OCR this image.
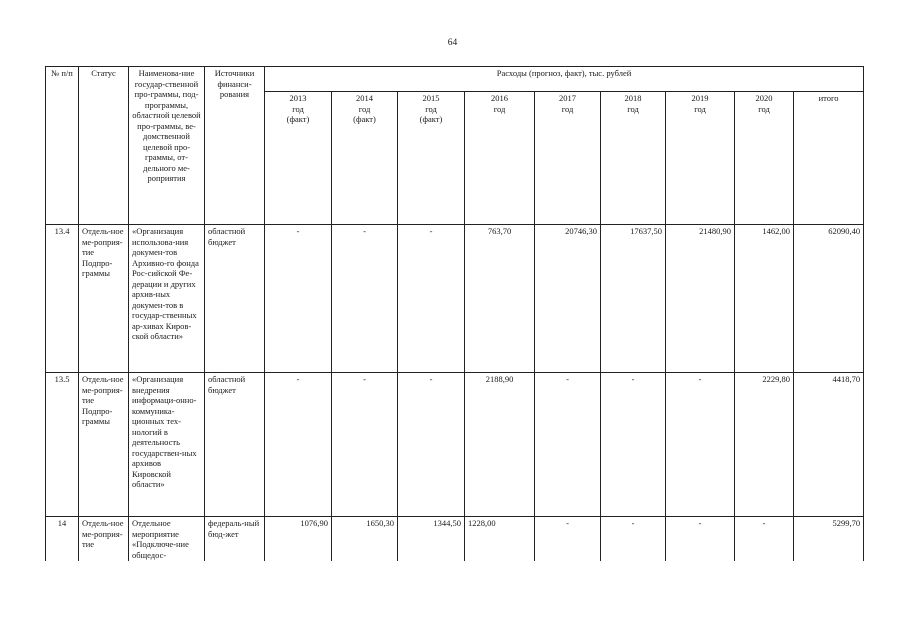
64
№ п/п	Статус	Наименова-ние государ-ственной про-граммы, под-программы, областной целевой про-граммы, ве-домственной целевой про-граммы, от-дельного ме-роприятия	Источники финанси-рования	Расходы (прогноз, факт), тыс. рублей								
				2013
год
(факт)	2014
год
(факт)	2015
год
(факт)	2016
год	2017
год	2018
год	2019
год	2020
год	итого
13.4	Отдель-ное ме-роприя-тие Подпро-граммы	«Организация использова-ния докумен-тов Архивно-го фонда Рос-сийской Фе-дерации и других архив-ных докумен-тов в государ-ственных ар-хивах Киров-ской области»	областной бюджет	-	-	-	763,70	20746,30	17637,50	21480,90	1462,00	62090,40
13.5	Отдель-ное ме-роприя-тие Подпро-граммы	«Организация внедрения информаци-онно-коммуника-ционных тех-нологий в деятельность государствен-ных архивов Кировской области»	областной бюджет	-	-	-	2188,90	-	-	-	2229,80	4418,70
14	Отдель-ное ме-роприя-тие	Отдельное мероприятие «Подключе-ние общедос-	федераль-ный бюд-жет	1076,90	1650,30	1344,50	1228,00	-	-	-	-	5299,70
